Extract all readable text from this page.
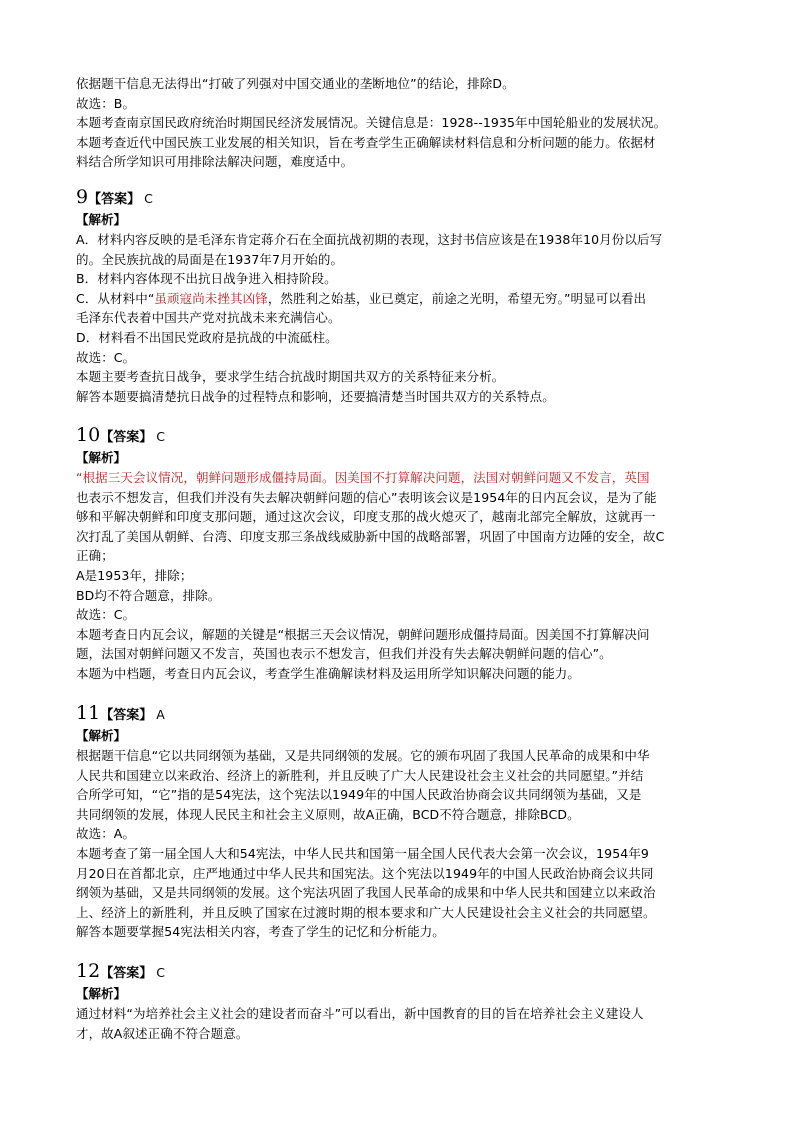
依据题干信息无法得出“打破了列强对中国交通业的垄断地位”的结论，排除D。
故选：B。
本题考查南京国民政府统治时期国民经济发展情况。关键信息是：1928--1935年中国轮船业的发展状况。
本题考查近代中国民族工业发展的相关知识，旨在考查学生正确解读材料信息和分析问题的能力。依据材
料结合所学知识可用排除法解决问题，难度适中。
9【答案】 C
【解析】
A．材料内容反映的是毛泽东肯定蒋介石在全面抗战初期的表现，这封书信应该是在1938年10月份以后写
的。全民族抗战的局面是在1937年7月开始的。
B．材料内容体现不出抗日战争进入相持阶段。
C．从材料中“虽顽寇尚未挫其凶锋，然胜利之始基，业已奠定，前途之光明，希望无穷。”明显可以看出
毛泽东代表着中国共产党对抗战未来充满信心。
D．材料看不出国民党政府是抗战的中流砥柱。
故选：C。
本题主要考查抗日战争，要求学生结合抗战时期国共双方的关系特征来分析。
解答本题要搞清楚抗日战争的过程特点和影响，还要搞清楚当时国共双方的关系特点。
10【答案】 C
【解析】
“根据三天会议情况，朝鲜问题形成僵持局面。因美国不打算解决问题，法国对朝鲜问题又不发言，英国
也表示不想发言，但我们并没有失去解决朝鲜问题的信心”表明该会议是1954年的日内瓦会议，是为了能
够和平解决朝鲜和印度支那问题，通过这次会议，印度支那的战火熄灭了，越南北部完全解放，这就再一
次打乱了美国从朝鲜、台湾、印度支那三条战线威胁新中国的战略部署，巩固了中国南方边陲的安全，故C
正确；
A是1953年，排除；
BD均不符合题意，排除。
故选：C。
本题考查日内瓦会议，解题的关键是“根据三天会议情况，朝鲜问题形成僵持局面。因美国不打算解决问
题，法国对朝鲜问题又不发言，英国也表示不想发言，但我们并没有失去解决朝鲜问题的信心”。
本题为中档题，考查日内瓦会议，考查学生准确解读材料及运用所学知识解决问题的能力。
11【答案】 A
【解析】
根据题干信息“它以共同纲领为基础，又是共同纲领的发展。它的颁布巩固了我国人民革命的成果和中华
人民共和国建立以来政治、经济上的新胜利，并且反映了广大人民建设社会主义社会的共同愿望。”并结
合所学可知，“它”指的是54宪法，这个宪法以1949年的中国人民政治协商会议共同纲领为基础，又是
共同纲领的发展，体现人民民主和社会主义原则，故A正确，BCD不符合题意，排除BCD。
故选：A。
本题考查了第一届全国人大和54宪法，中华人民共和国第一届全国人民代表大会第一次会议，1954年9
月20日在首都北京，庄严地通过中华人民共和国宪法。这个宪法以1949年的中国人民政治协商会议共同
纲领为基础，又是共同纲领的发展。这个宪法巩固了我国人民革命的成果和中华人民共和国建立以来政治
上、经济上的新胜利，并且反映了国家在过渡时期的根本要求和广大人民建设社会主义社会的共同愿望。
解答本题要掌握54宪法相关内容，考查了学生的记忆和分析能力。
12【答案】 C
【解析】
通过材料“为培养社会主义社会的建设者而奋斗”可以看出，新中国教育的目的旨在培养社会主义建设人
才，故A叙述正确不符合题意。
